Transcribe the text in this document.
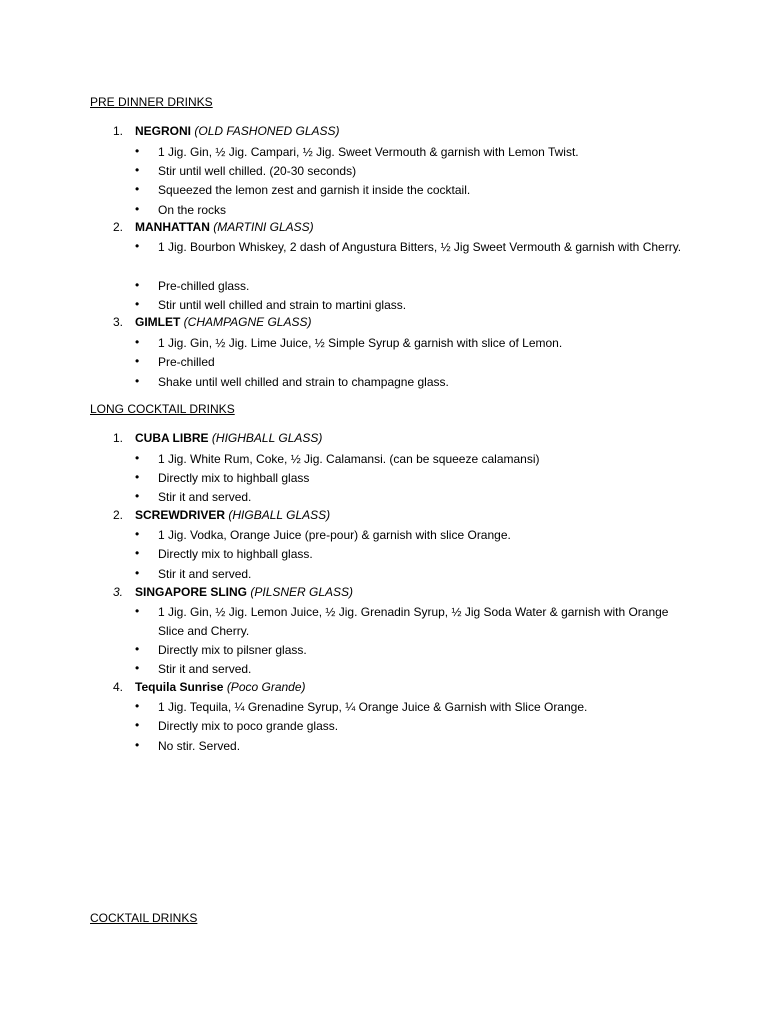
PRE DINNER DRINKS
1. NEGRONI (OLD FASHONED GLASS)
•	1 Jig. Gin, ½ Jig. Campari, ½ Jig. Sweet Vermouth & garnish with Lemon Twist.
•	Stir until well chilled. (20-30 seconds)
•	Squeezed the lemon zest and garnish it inside the cocktail.
•	On the rocks
2. MANHATTAN (MARTINI GLASS)
•	1 Jig. Bourbon Whiskey, 2 dash of Angustura Bitters, ½ Jig Sweet Vermouth & garnish with Cherry.
•	Pre-chilled glass.
•	Stir until well chilled and strain to martini glass.
3. GIMLET (CHAMPAGNE GLASS)
•	1 Jig. Gin, ½ Jig. Lime Juice, ½ Simple Syrup & garnish with slice of Lemon.
•	Pre-chilled
•	Shake until well chilled and strain to champagne glass.
LONG COCKTAIL DRINKS
1. CUBA LIBRE (HIGHBALL GLASS)
•	1 Jig. White Rum, Coke, ½ Jig. Calamansi. (can be squeeze calamansi)
•	Directly mix to highball glass
•	Stir it and served.
2. SCREWDRIVER (HIGBALL GLASS)
•	1 Jig. Vodka, Orange Juice (pre-pour) & garnish with slice Orange.
•	Directly mix to highball glass.
•	Stir it and served.
3. SINGAPORE SLING (PILSNER GLASS)
•	1 Jig. Gin, ½ Jig. Lemon Juice, ½ Jig. Grenadin Syrup, ½ Jig Soda Water & garnish with Orange Slice and Cherry.
•	Directly mix to pilsner glass.
•	Stir it and served.
4. Tequila Sunrise (Poco Grande)
•	1 Jig. Tequila, ¼ Grenadine Syrup, ¼ Orange Juice & Garnish with Slice Orange.
•	Directly mix to poco grande glass.
•	No stir. Served.
COCKTAIL DRINKS
